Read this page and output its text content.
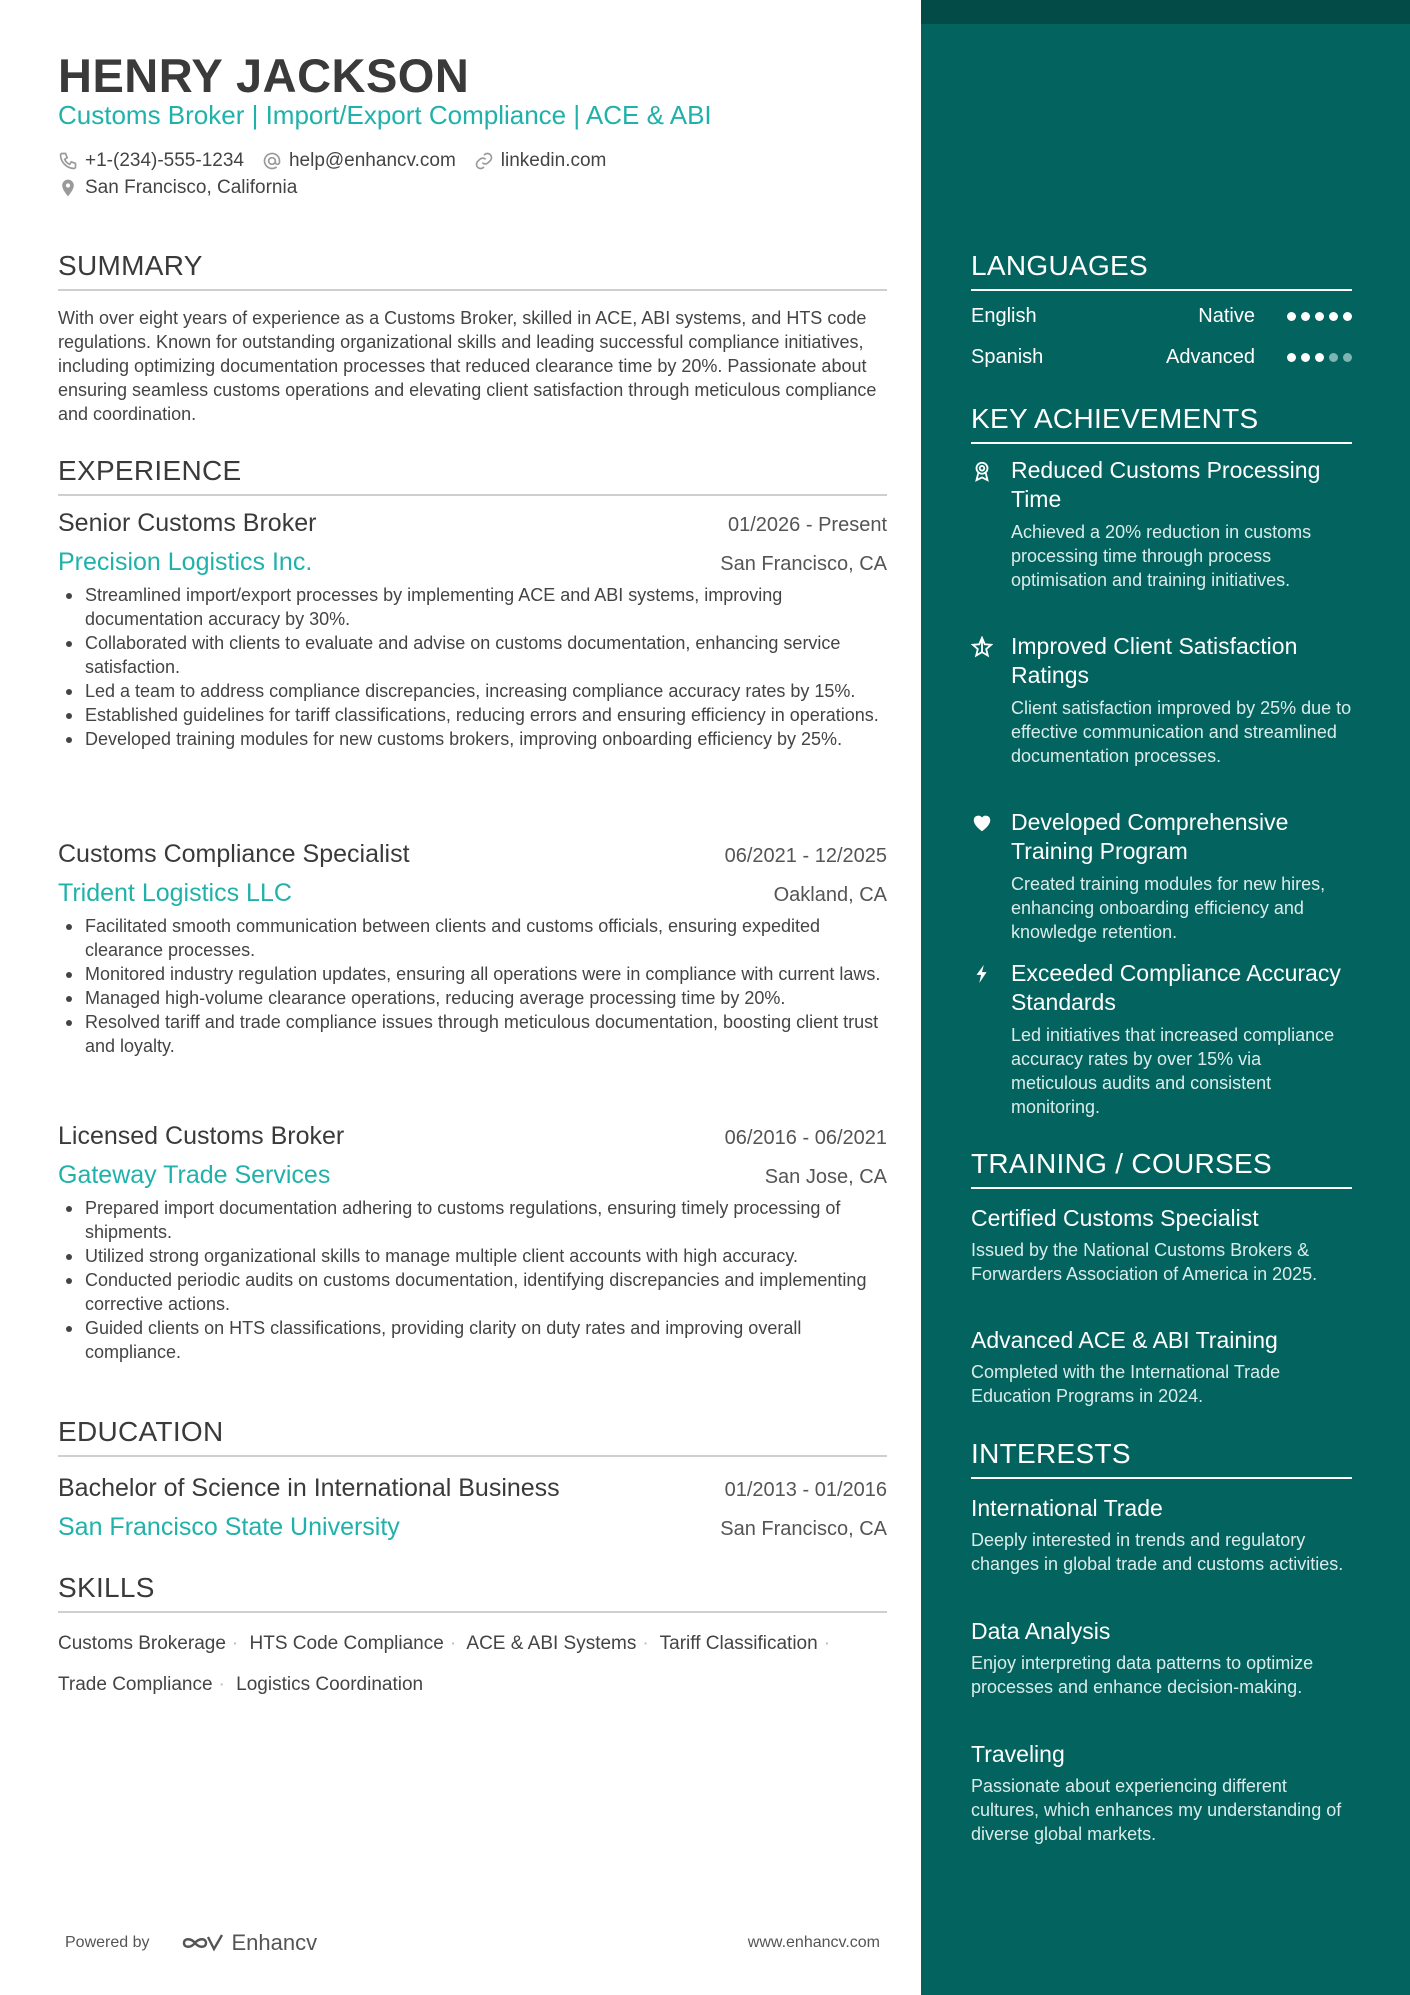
HENRY JACKSON
Customs Broker | Import/Export Compliance | ACE & ABI
+1-(234)-555-1234 help@enhancv.com linkedin.com
San Francisco, California
SUMMARY
With over eight years of experience as a Customs Broker, skilled in ACE, ABI systems, and HTS code regulations. Known for outstanding organizational skills and leading successful compliance initiatives, including optimizing documentation processes that reduced clearance time by 20%. Passionate about ensuring seamless customs operations and elevating client satisfaction through meticulous compliance and coordination.
EXPERIENCE
Senior Customs Broker	01/2026 - Present
Precision Logistics Inc.	San Francisco, CA
Streamlined import/export processes by implementing ACE and ABI systems, improving documentation accuracy by 30%.
Collaborated with clients to evaluate and advise on customs documentation, enhancing service satisfaction.
Led a team to address compliance discrepancies, increasing compliance accuracy rates by 15%.
Established guidelines for tariff classifications, reducing errors and ensuring efficiency in operations.
Developed training modules for new customs brokers, improving onboarding efficiency by 25%.
Customs Compliance Specialist	06/2021 - 12/2025
Trident Logistics LLC	Oakland, CA
Facilitated smooth communication between clients and customs officials, ensuring expedited clearance processes.
Monitored industry regulation updates, ensuring all operations were in compliance with current laws.
Managed high-volume clearance operations, reducing average processing time by 20%.
Resolved tariff and trade compliance issues through meticulous documentation, boosting client trust and loyalty.
Licensed Customs Broker	06/2016 - 06/2021
Gateway Trade Services	San Jose, CA
Prepared import documentation adhering to customs regulations, ensuring timely processing of shipments.
Utilized strong organizational skills to manage multiple client accounts with high accuracy.
Conducted periodic audits on customs documentation, identifying discrepancies and implementing corrective actions.
Guided clients on HTS classifications, providing clarity on duty rates and improving overall compliance.
EDUCATION
Bachelor of Science in International Business	01/2013 - 01/2016
San Francisco State University	San Francisco, CA
SKILLS
Customs Brokerage · HTS Code Compliance · ACE & ABI Systems · Tariff Classification · Trade Compliance · Logistics Coordination
Powered by	Enhancv	www.enhancv.com
LANGUAGES
English	Native
Spanish	Advanced
KEY ACHIEVEMENTS
Reduced Customs Processing Time
Achieved a 20% reduction in customs processing time through process optimisation and training initiatives.
Improved Client Satisfaction Ratings
Client satisfaction improved by 25% due to effective communication and streamlined documentation processes.
Developed Comprehensive Training Program
Created training modules for new hires, enhancing onboarding efficiency and knowledge retention.
Exceeded Compliance Accuracy Standards
Led initiatives that increased compliance accuracy rates by over 15% via meticulous audits and consistent monitoring.
TRAINING / COURSES
Certified Customs Specialist
Issued by the National Customs Brokers & Forwarders Association of America in 2025.
Advanced ACE & ABI Training
Completed with the International Trade Education Programs in 2024.
INTERESTS
International Trade
Deeply interested in trends and regulatory changes in global trade and customs activities.
Data Analysis
Enjoy interpreting data patterns to optimize processes and enhance decision-making.
Traveling
Passionate about experiencing different cultures, which enhances my understanding of diverse global markets.
